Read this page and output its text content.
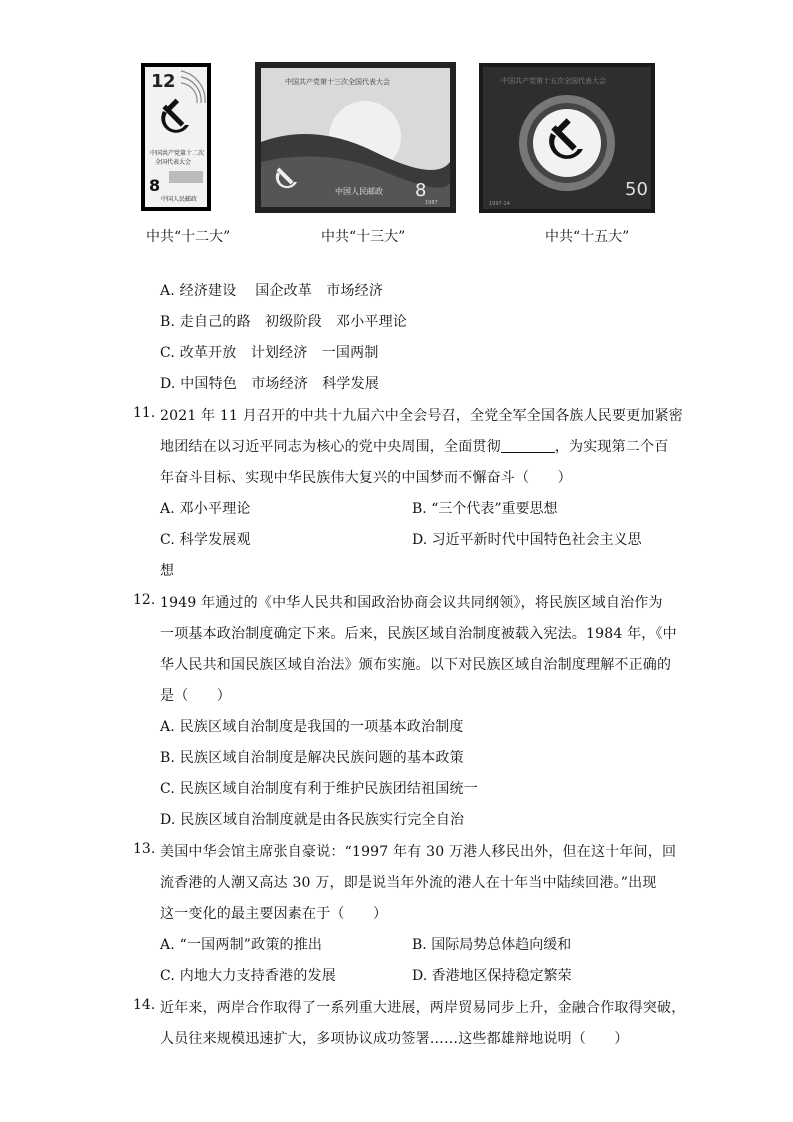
1 2
中国共产党第十二次
全国代表大会
8
中国人民邮政
中国共产党第十三次全国代表大会
中国人民邮政 8
1987
中国共产党第十五次全国代表大会
50
1997-14
中共“十二大”	中共“十三大”	中共“十五大”
A. 经济建设　 国企改革　市场经济
B. 走自己的路　初级阶段　邓小平理论
C. 改革开放　计划经济　一国两制
D. 中国特色　市场经济　科学发展
11. 2021 年 11 月召开的中共十九届六中全会号召，全党全军全国各族人民要更加紧密
地团结在以习近平同志为核心的党中央周围，全面贯彻	，为实现第二个百
年奋斗目标、实现中华民族伟大复兴的中国梦而不懈奋斗（　　）
A. 邓小平理论	B. “三个代表”重要思想
C. 科学发展观	D. 习近平新时代中国特色社会主义思
想
12. 1949 年通过的《中华人民共和国政治协商会议共同纲领》，将民族区域自治作为
一项基本政治制度确定下来。后来，民族区域自治制度被载入宪法。1984 年，《中
华人民共和国民族区域自治法》颁布实施。以下对民族区域自治制度理解不正确的
是（　　）
A. 民族区域自治制度是我国的一项基本政治制度
B. 民族区域自治制度是解决民族问题的基本政策
C. 民族区域自治制度有利于维护民族团结祖国统一
D. 民族区域自治制度就是由各民族实行完全自治
13. 美国中华会馆主席张自豪说：“1997 年有 30 万港人移民出外，但在这十年间，回
流香港的人潮又高达 30 万，即是说当年外流的港人在十年当中陆续回港。”出现
这一变化的最主要因素在于（　　）
A. “一国两制”政策的推出	B. 国际局势总体趋向缓和
C. 内地大力支持香港的发展	D. 香港地区保持稳定繁荣
14. 近年来，两岸合作取得了一系列重大进展，两岸贸易同步上升，金融合作取得突破，
人员往来规模迅速扩大，多项协议成功签署……这些都雄辩地说明（　　）
